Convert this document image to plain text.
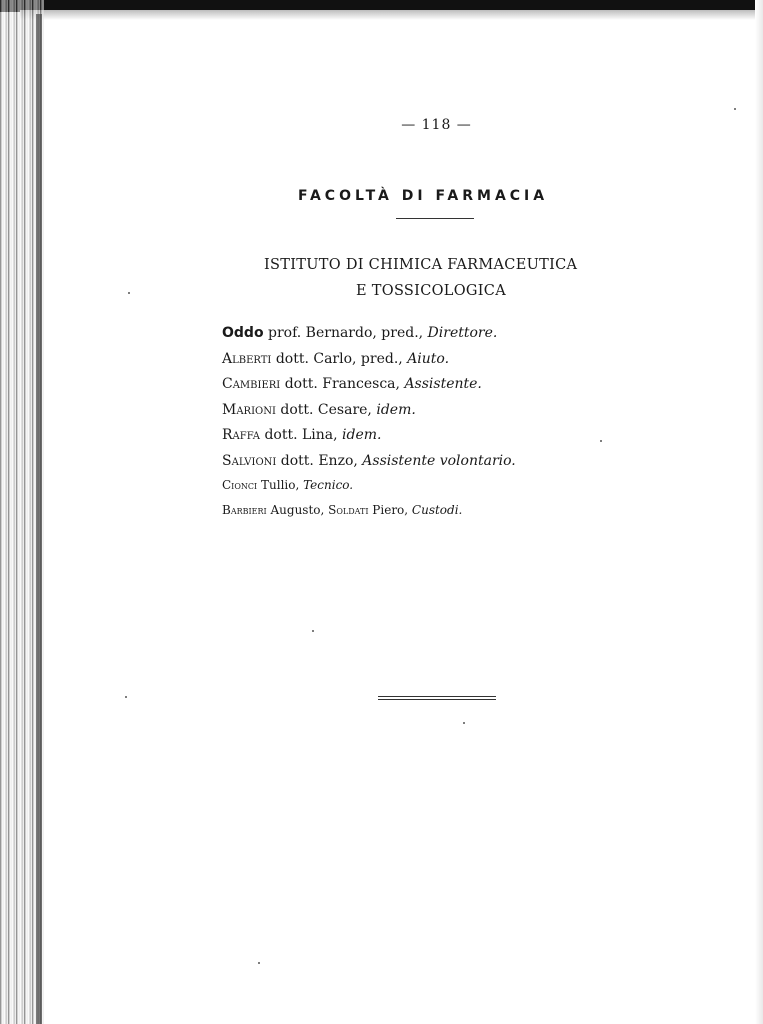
— 118 —
FACOLTÀ DI FARMACIA
ISTITUTO DI CHIMICA FARMACEUTICA
E TOSSICOLOGICA
Oddo prof. Bernardo, pred., Direttore.
Alberti dott. Carlo, pred., Aiuto.
Cambieri dott. Francesca, Assistente.
Marioni dott. Cesare, idem.
Raffa dott. Lina, idem.
Salvioni dott. Enzo, Assistente volontario.
Cionci Tullio, Tecnico.
Barbieri Augusto, Soldati Piero, Custodi.
